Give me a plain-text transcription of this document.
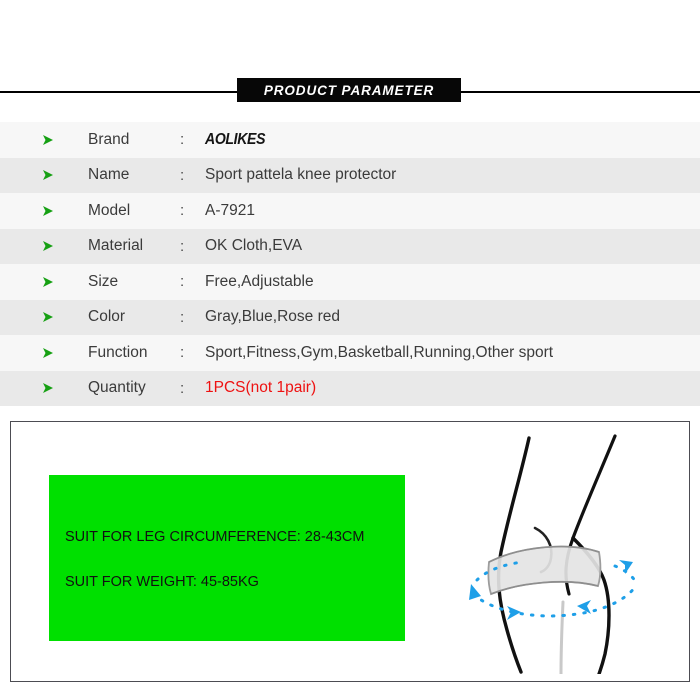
PRODUCT PARAMETER
Brand	: AOLIKES
Name	: Sport pattela knee protector
Model	: A-7921
Material : OK Cloth,EVA
Size	: Free,Adjustable
Color	: Gray,Blue,Rose red
Function : Sport,Fitness,Gym,Basketball,Running,Other sport
Quantity : 1PCS(not 1pair)
SUIT FOR LEG CIRCUMFERENCE: 28-43CM
SUIT FOR WEIGHT: 45-85KG
